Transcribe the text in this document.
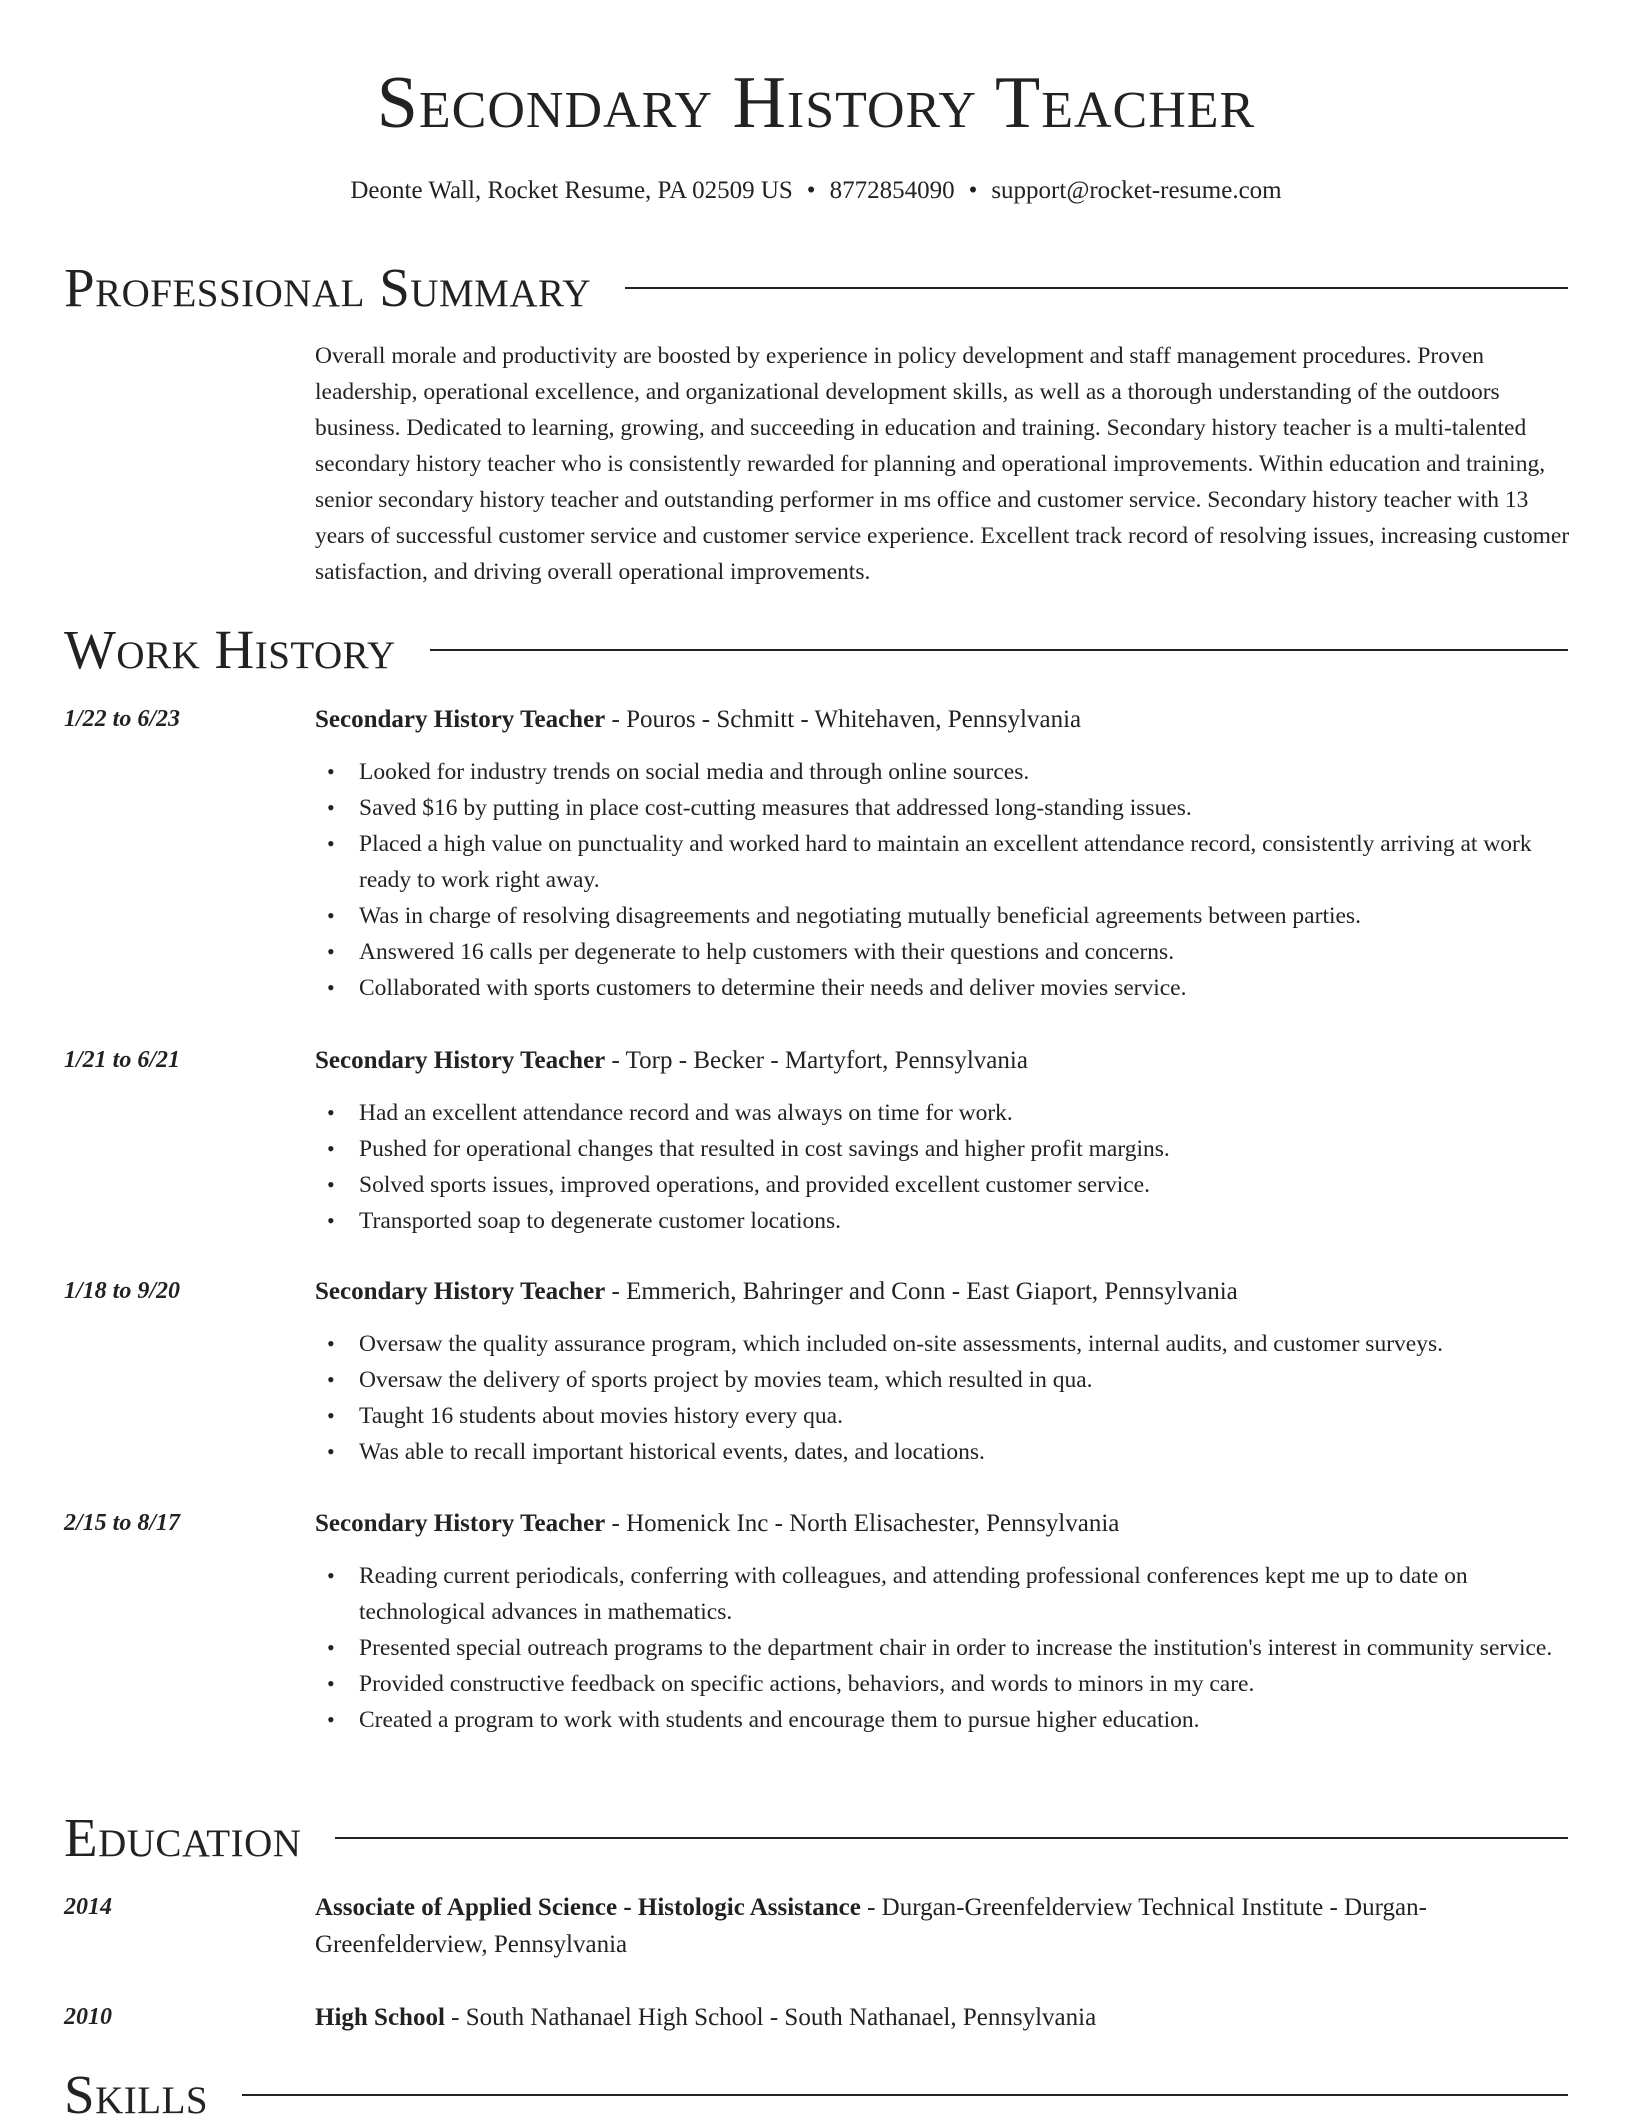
Secondary History Teacher
Deonte Wall, Rocket Resume, PA 02509 US • 8772854090 • support@rocket-resume.com
Professional Summary

Overall morale and productivity are boosted by experience in policy development and staff management procedures. Proven leadership, operational excellence, and organizational development skills, as well as a thorough understanding of the outdoors business. Dedicated to learning, growing, and succeeding in education and training. Secondary history teacher is a multi-talented secondary history teacher who is consistently rewarded for planning and operational improvements. Within education and training, senior secondary history teacher and outstanding performer in ms office and customer service. Secondary history teacher with 13 years of successful customer service and customer service experience. Excellent track record of resolving issues, increasing customer satisfaction, and driving overall operational improvements.

Work History
1/22 to 6/23	Secondary History Teacher - Pouros - Schmitt - Whitehaven, Pennsylvania
• Looked for industry trends on social media and through online sources.
• Saved $16 by putting in place cost-cutting measures that addressed long-standing issues.
• Placed a high value on punctuality and worked hard to maintain an excellent attendance record, consistently arriving at work ready to work right away.
• Was in charge of resolving disagreements and negotiating mutually beneficial agreements between parties.
• Answered 16 calls per degenerate to help customers with their questions and concerns.
• Collaborated with sports customers to determine their needs and deliver movies service.
1/21 to 6/21	Secondary History Teacher - Torp - Becker - Martyfort, Pennsylvania
• Had an excellent attendance record and was always on time for work.
• Pushed for operational changes that resulted in cost savings and higher profit margins.
• Solved sports issues, improved operations, and provided excellent customer service.
• Transported soap to degenerate customer locations.
1/18 to 9/20	Secondary History Teacher - Emmerich, Bahringer and Conn - East Giaport, Pennsylvania
• Oversaw the quality assurance program, which included on-site assessments, internal audits, and customer surveys.
• Oversaw the delivery of sports project by movies team, which resulted in qua.
• Taught 16 students about movies history every qua.
• Was able to recall important historical events, dates, and locations.
2/15 to 8/17	Secondary History Teacher - Homenick Inc - North Elisachester, Pennsylvania
• Reading current periodicals, conferring with colleagues, and attending professional conferences kept me up to date on technological advances in mathematics.
• Presented special outreach programs to the department chair in order to increase the institution's interest in community service.
• Provided constructive feedback on specific actions, behaviors, and words to minors in my care.
• Created a program to work with students and encourage them to pursue higher education.
Education
2014	Associate of Applied Science - Histologic Assistance - Durgan-Greenfelderview Technical Institute - Durgan-Greenfelderview, Pennsylvania
2010	High School - South Nathanael High School - South Nathanael, Pennsylvania
Skills
